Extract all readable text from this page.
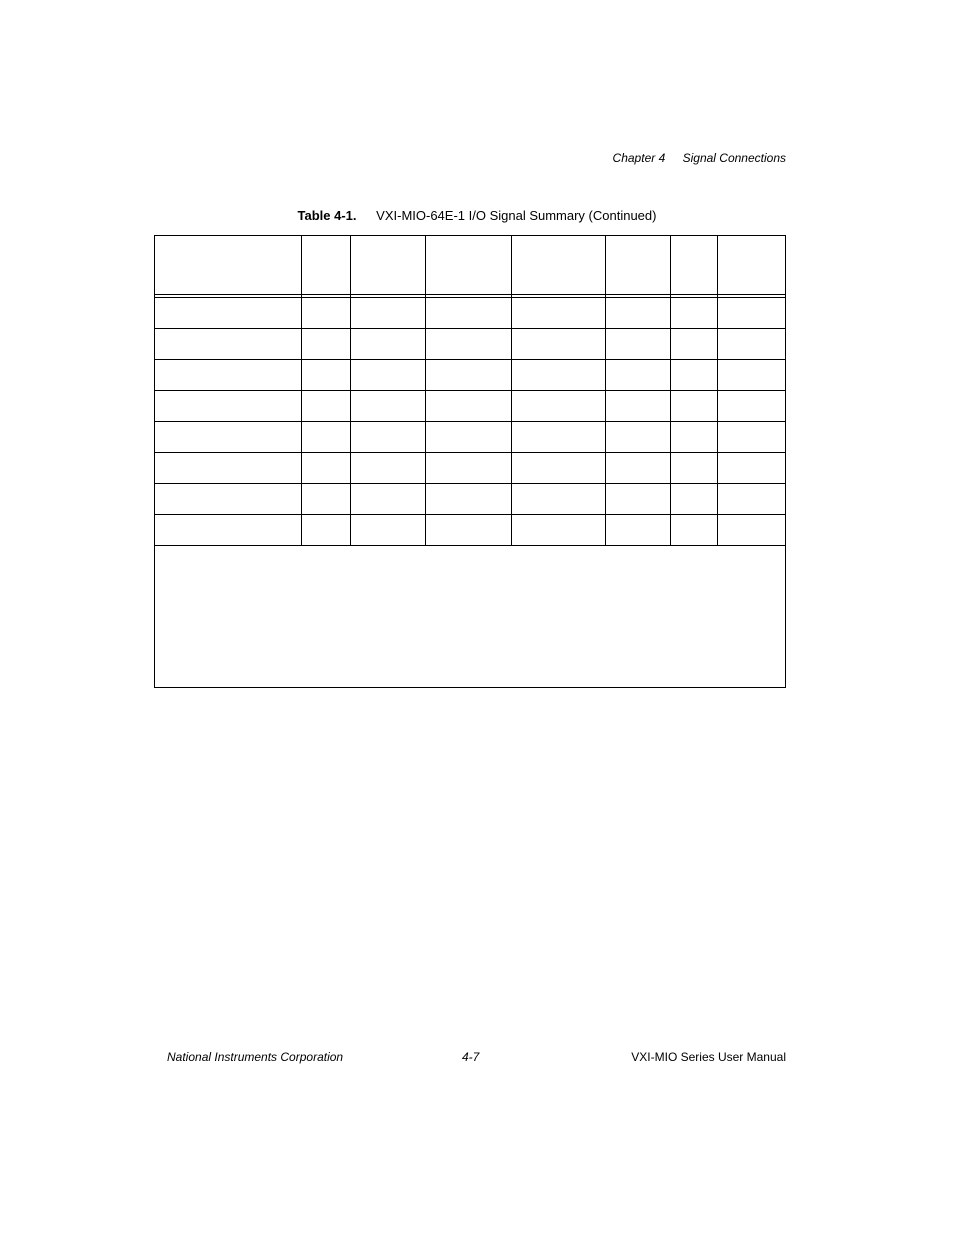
Chapter 4 Signal Connections
Table 4-1. VXI-MIO-64E-1 I/O Signal Summary (Continued)

National Instruments Corporation	4-7	VXI-MIO Series User Manual
